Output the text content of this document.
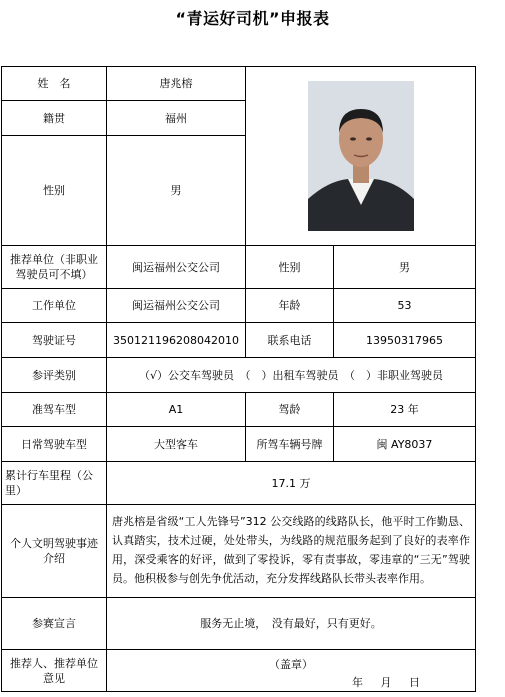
“青运好司机”申报表
姓　名	唐兆榕	

籍贯	福州		
性别	男		
推荐单位（非职业驾驶员可不填）	闽运福州公交公司	性别	男
工作单位	闽运福州公交公司	年龄	53
驾驶证号	350121196208042010	联系电话	13950317965
参评类别	（√）公交车驾驶员　（　）出租车驾驶员　（　）非职业驾驶员		
准驾车型	A1	驾龄	23 年
日常驾驶车型	大型客车	所驾车辆号牌	闽 AY8037
累计行车里程（公里）	17.1 万		
个人文明驾驶事迹介绍	唐兆榕是省级“工人先锋号”312 公交线路的线路队长，他平时工作勤恳、认真踏实，技术过硬，处处带头，为线路的规范服务起到了良好的表率作用，深受乘客的好评，做到了零投诉，零有责事故，零违章的“三无”驾驶员。他积极参与创先争优活动，充分发挥线路队长带头表率作用。		
参赛宣言	服务无止境，　没有最好，只有更好。		
推荐人、推荐单位意见	（盖章）
年 月 日		
